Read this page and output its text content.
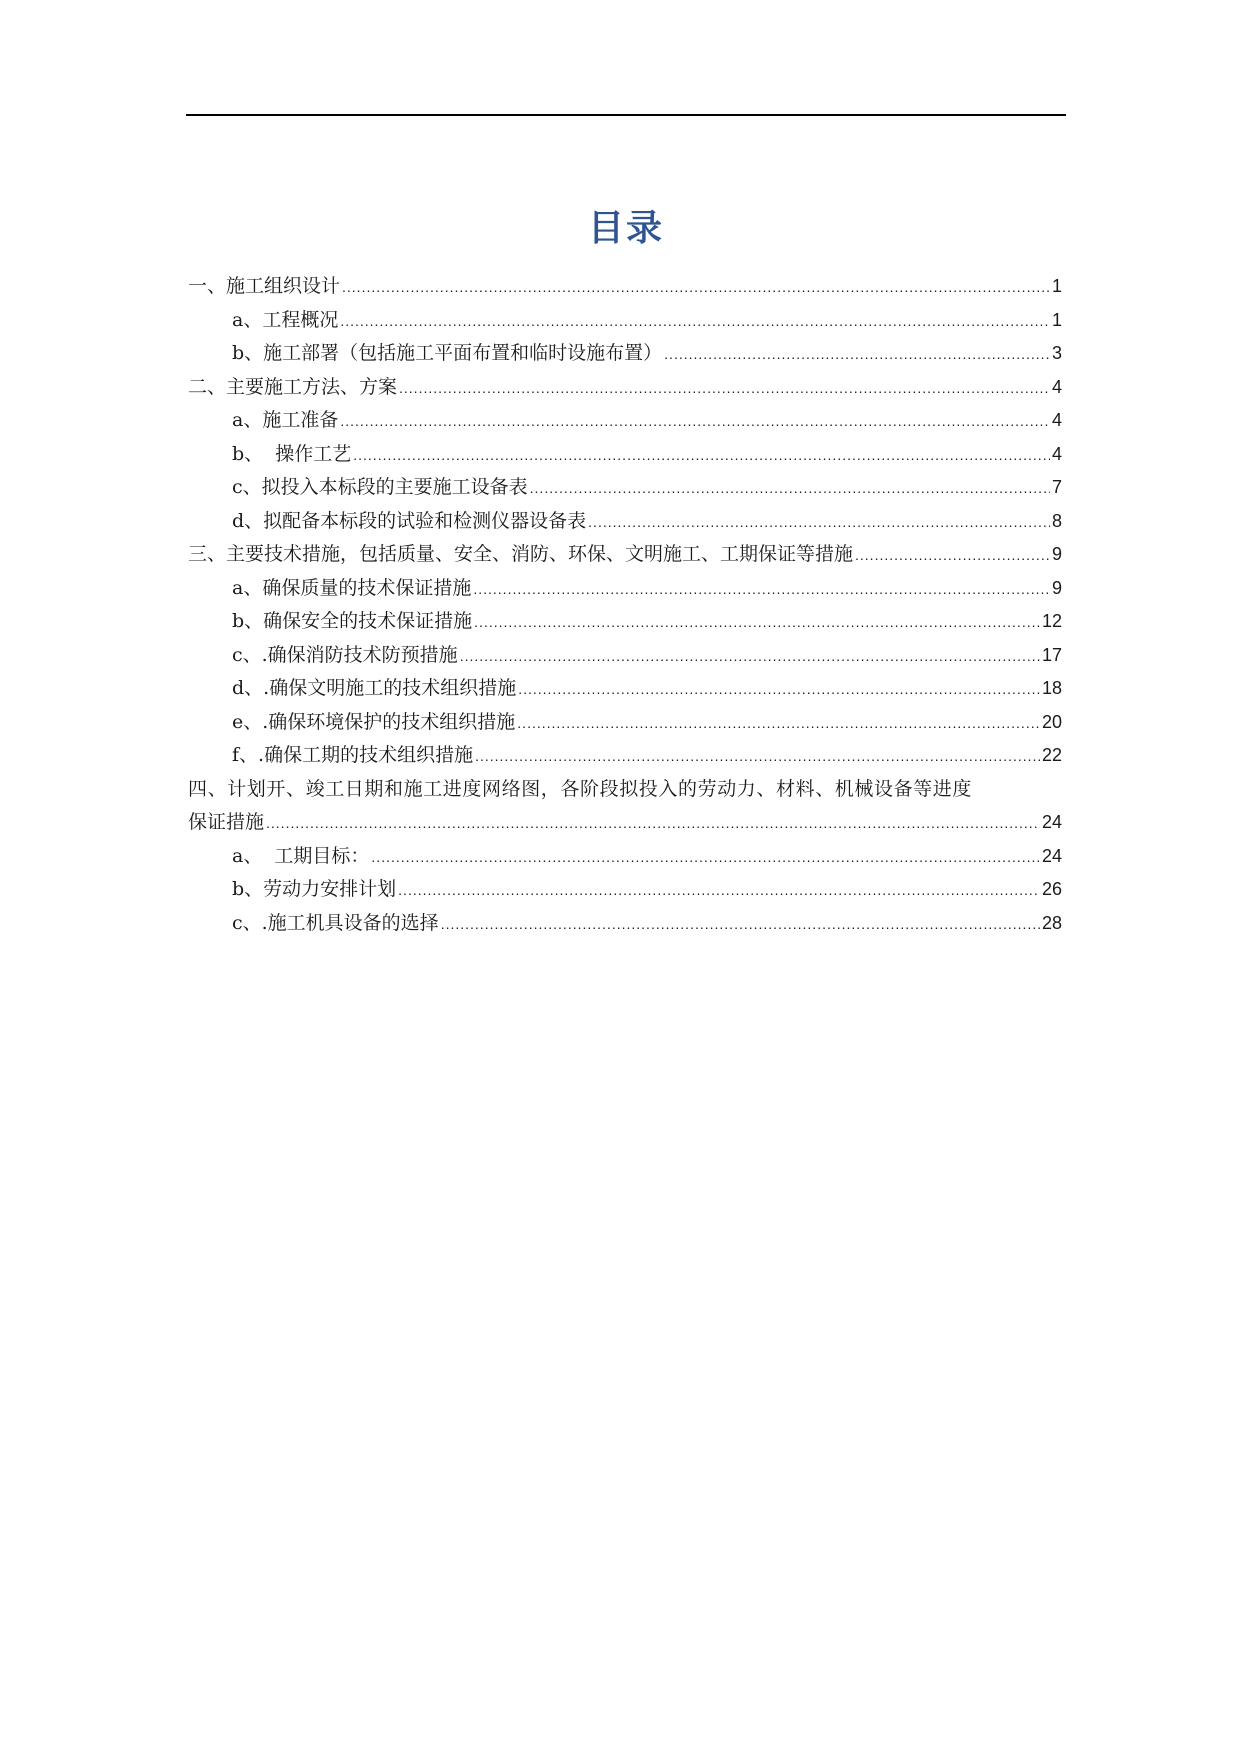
目录
一、施工组织设计 .....	1
a、工程概况 .....	1
b、施工部署（包括施工平面布置和临时设施布置） .....	3
二、主要施工方法、方案 .....	4
a、施工准备 .....	4
b、  操作工艺 .....	4
c、拟投入本标段的主要施工设备表 .....	7
d、拟配备本标段的试验和检测仪器设备表 .....	8
三、主要技术措施，包括质量、安全、消防、环保、文明施工、工期保证等措施 .....	9
a、确保质量的技术保证措施 .....	9
b、确保安全的技术保证措施 .....	12
c、.确保消防技术防预措施 .....	17
d、.确保文明施工的技术组织措施 .....	18
e、.确保环境保护的技术组织措施 .....	20
f、.确保工期的技术组织措施 .....	22
四、计划开、竣工日期和施工进度网络图，各阶段拟投入的劳动力、材料、机械设备等进度
保证措施 .....	24
a、  工期目标： .....	24
b、劳动力安排计划 .....	26
c、.施工机具设备的选择 .....	28
